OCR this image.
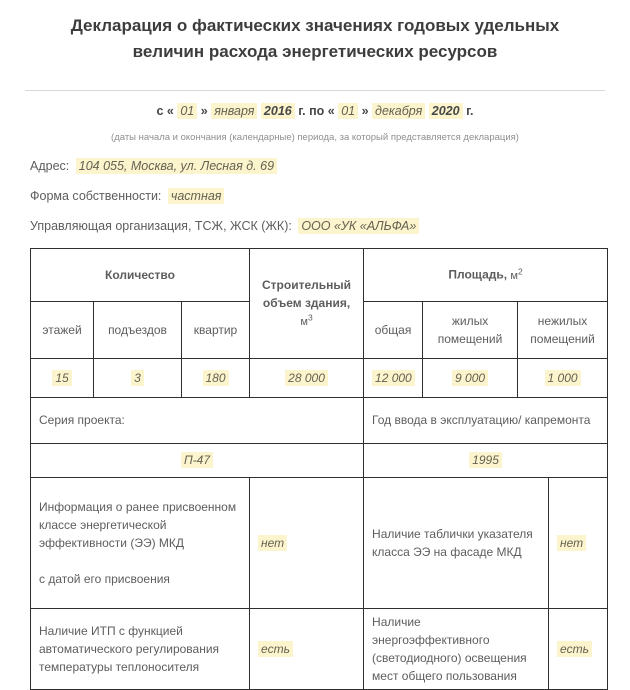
Декларация о фактических значениях годовых удельных величин расхода энергетических ресурсов
с « 01 » января 2016 г. по « 01 » декабря 2020 г.
(даты начала и окончания (календарные) периода, за который представляется декларация)
Адрес: 104 055, Москва, ул. Лесная д. 69
Форма собственности: частная
Управляющая организация, ТСЖ, ЖСК (ЖК): ООО «УК «АЛЬФА»
Количество			Строительный объем здания, $м^3$	Площадь, $м^2$
этажей	подъездов	квартир		общая	жилых помещений	нежилых помещений	
15	3	180	28 000	12 000	9 000	1 000	
Серия проекта:				Год ввода в эксплуатацию/ капремонта			
П-47				1995			

Информация о ранее присвоенном классе энергетической эффективности (ЭЭ) МКД
с датой его присвоения			нет	Наличие таблички указателя класса ЭЭ на фасаде МКД			нет
Наличие ИТП с функцией автоматического регулирования температуры теплоносителя			есть	Наличие энергоэффективного (светодиодного) освещения мест общего пользования			есть
